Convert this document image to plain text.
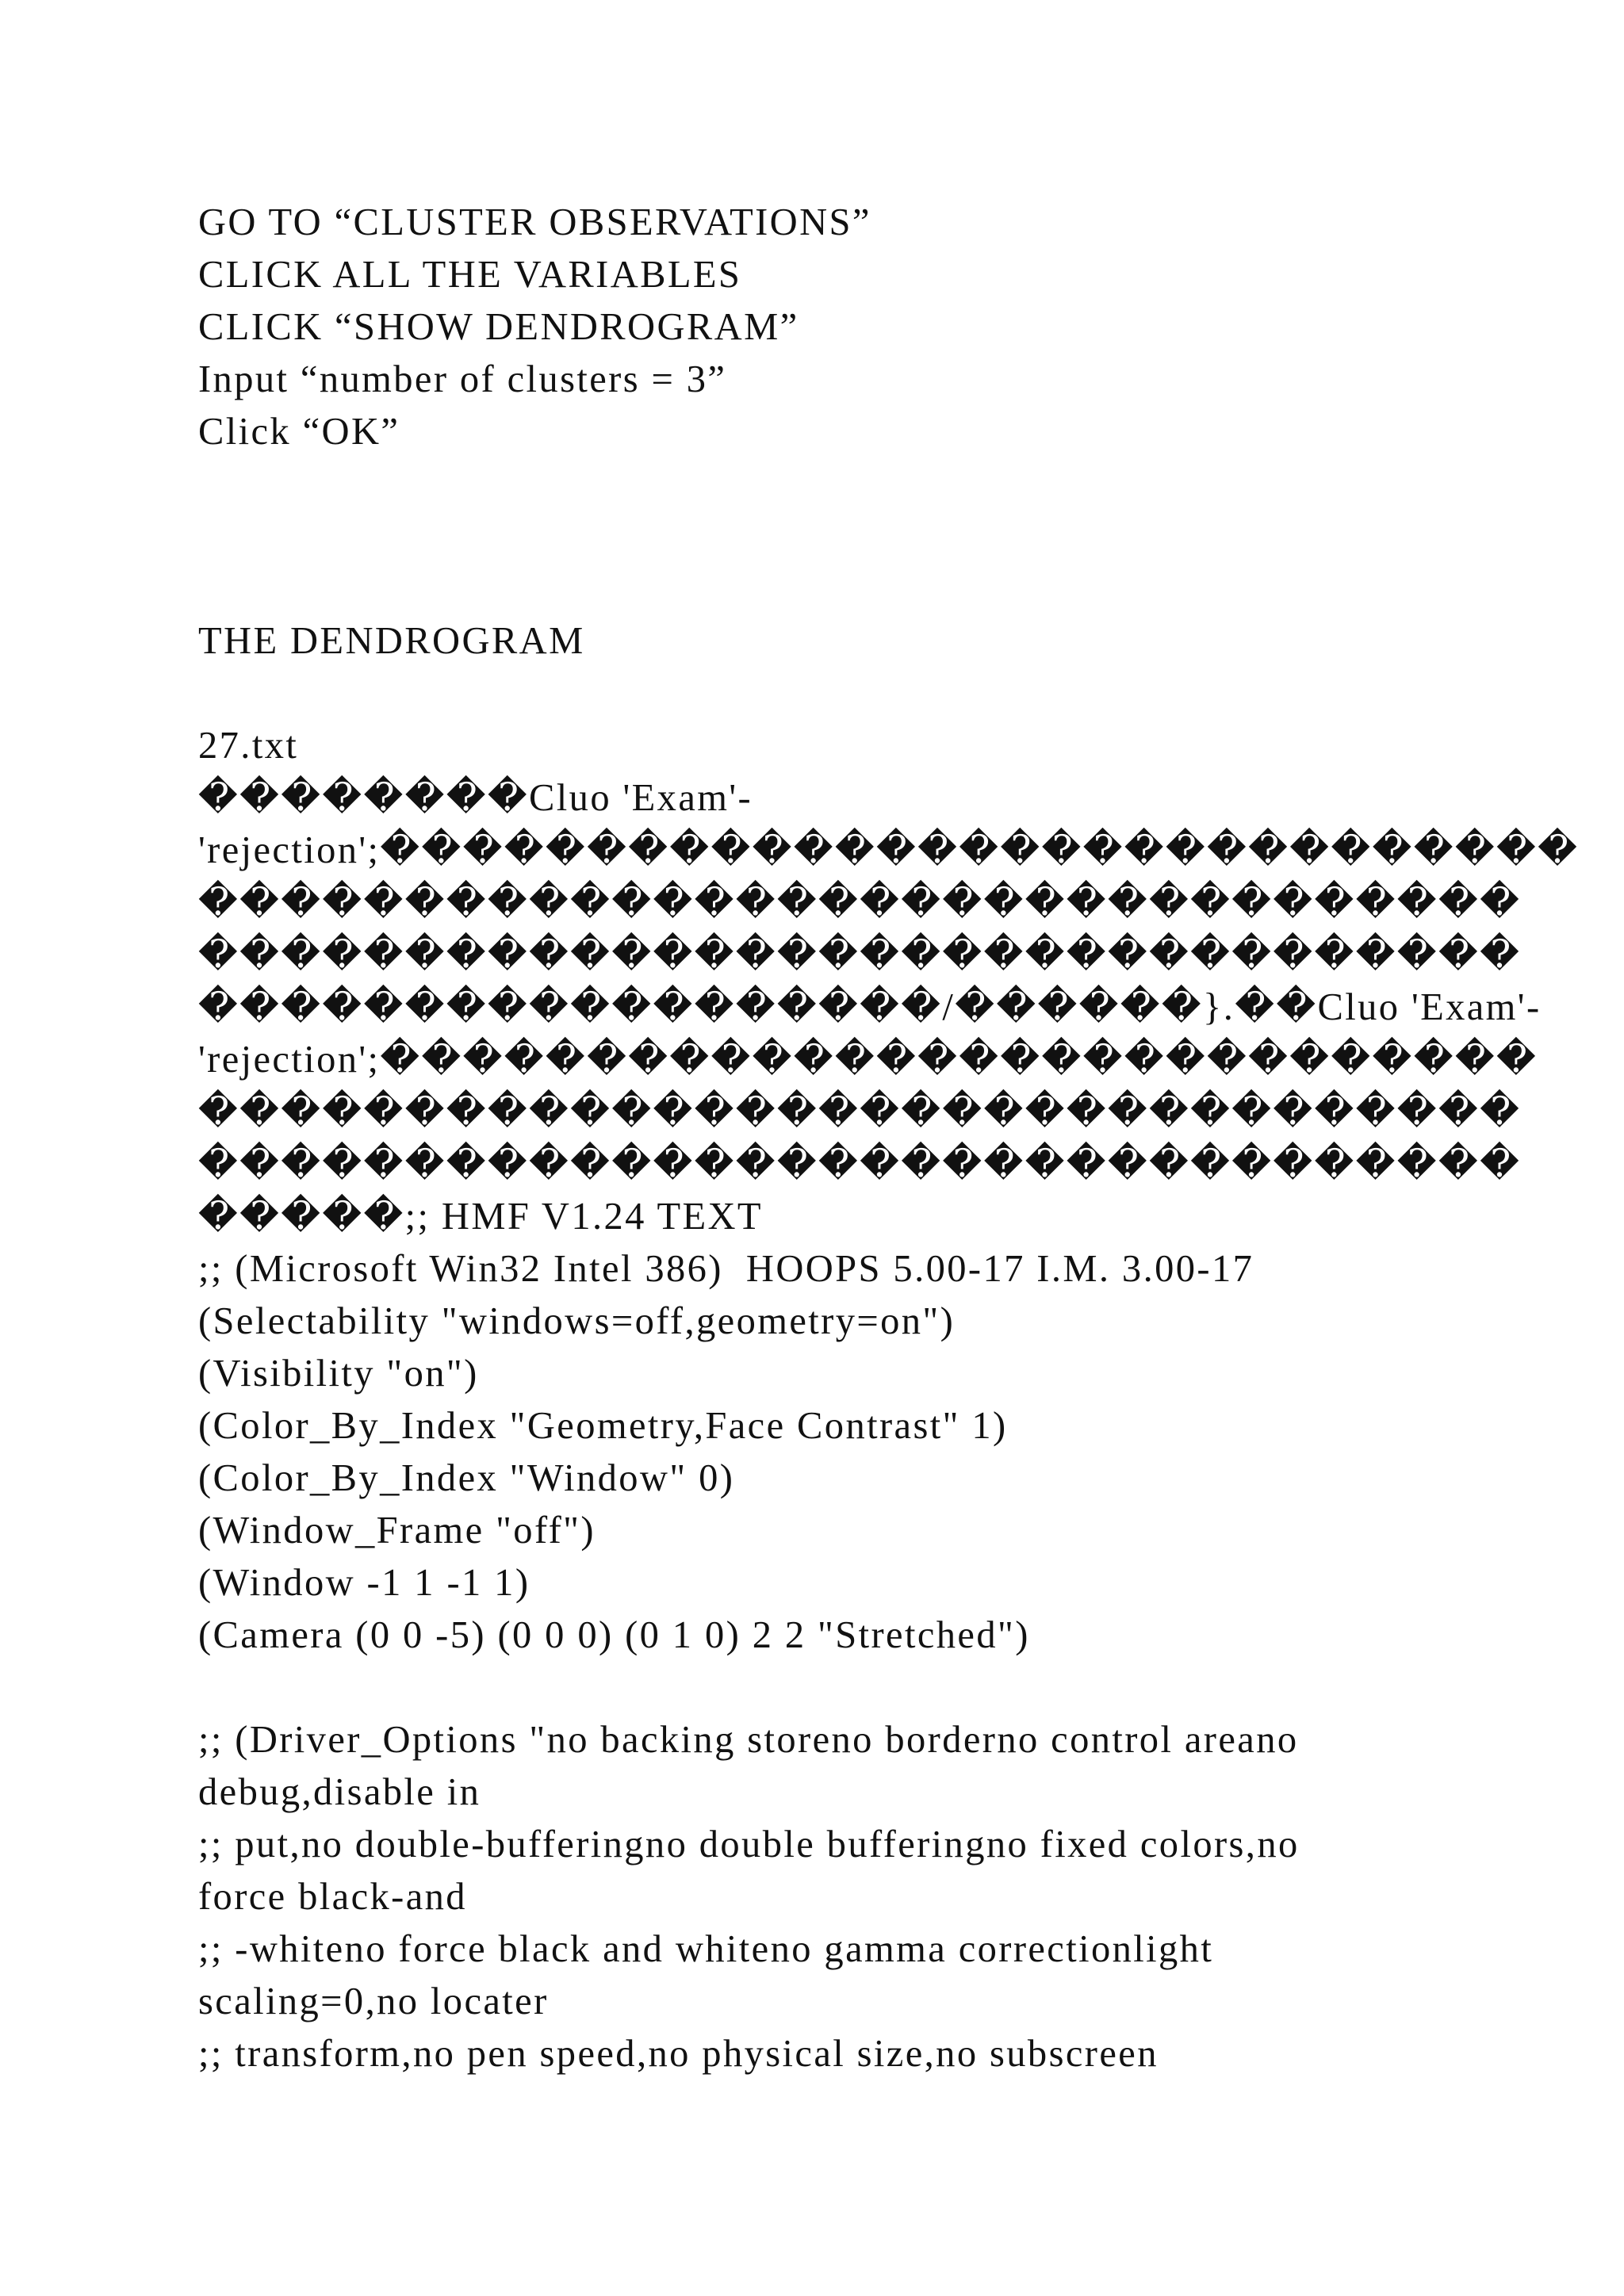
GO TO “CLUSTER OBSERVATIONS”
CLICK ALL THE VARIABLES
CLICK “SHOW DENDROGRAM”
Input “number of clusters = 3”
Click “OK”
THE DENDROGRAM
27.txt
��������Cluo 'Exam'-
'rejection';�����������������������������
��������������������������������
��������������������������������
������������������/������}.��Cluo 'Exam'-
'rejection';����������������������������
��������������������������������
��������������������������������
�����;; HMF V1.24 TEXT
;; (Microsoft Win32 Intel 386)  HOOPS 5.00-17 I.M. 3.00-17
(Selectability "windows=off,geometry=on")
(Visibility "on")
(Color_By_Index "Geometry,Face Contrast" 1)
(Color_By_Index "Window" 0)
(Window_Frame "off")
(Window -1 1 -1 1)
(Camera (0 0 -5) (0 0 0) (0 1 0) 2 2 "Stretched")
;; (Driver_Options "no backing storeno borderno control areano
debug,disable in
;; put,no double-bufferingno double bufferingno fixed colors,no
force black-and
;; -whiteno force black and whiteno gamma correctionlight
scaling=0,no locater
;; transform,no pen speed,no physical size,no subscreen
